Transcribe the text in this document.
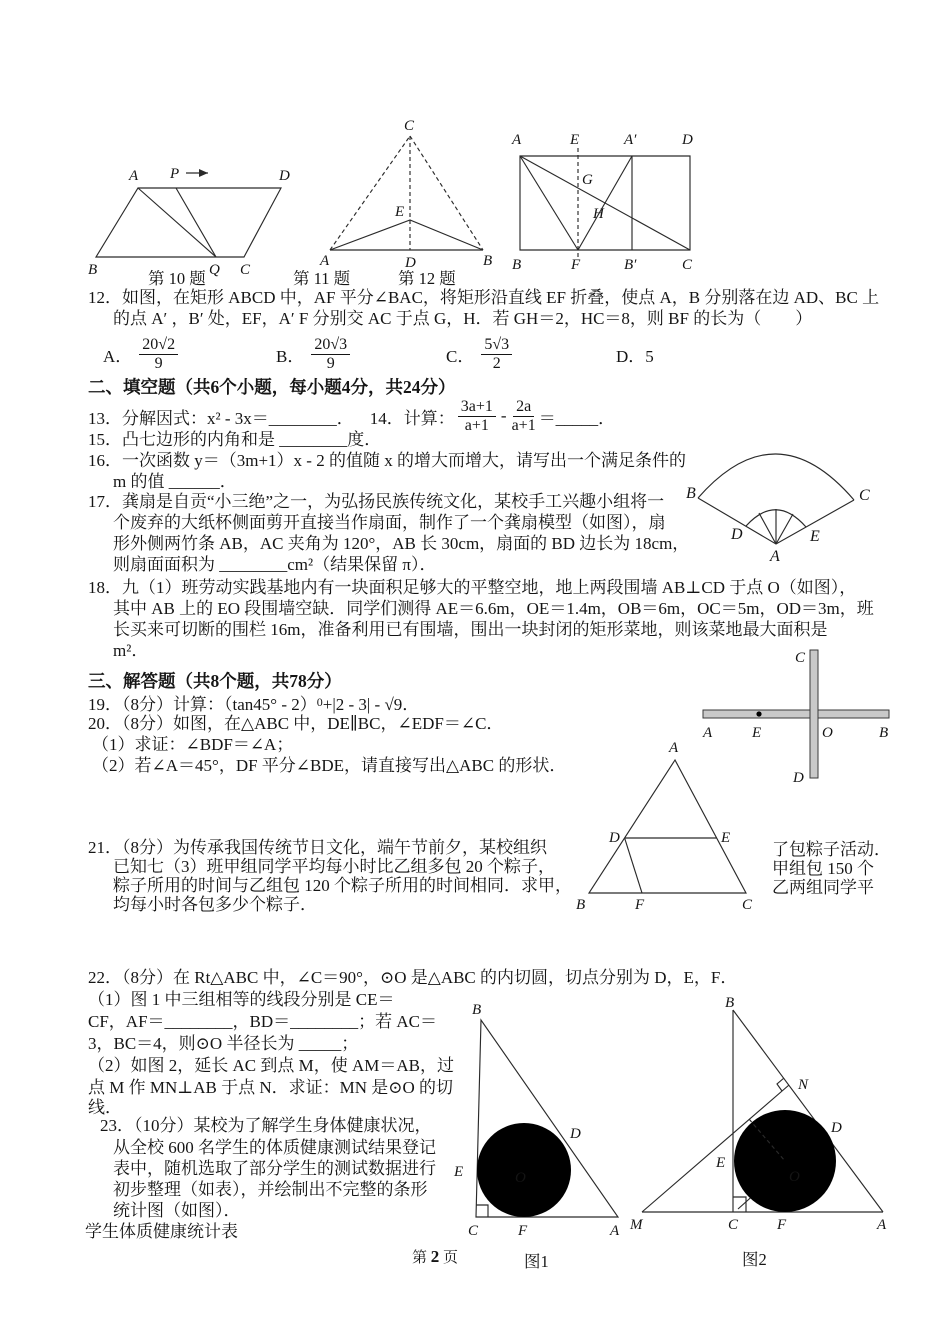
A P	D
B	Q C
第 10 题
C
E
A	D	B
第 11 题
A	E	A′	D
G
H
B	F	B′	C
第 12 题
12．如图，在矩形 ABCD 中，AF 平分∠BAC，将矩形沿直线 EF 折叠，使点 A，B 分别落在边 AD、BC 上
的点 A′ ，B′ 处，EF，A′ F 分别交 AC 于点 G，H．若 GH＝2，HC＝8，则 BF 的长为（　　）
A． $\frac{20√2}{9}$	B． $\frac{20√3}{9}$	C． $\frac{5√3}{2}$	D．5
二、填空题（共6个小题，每小题4分，共24分）
13．分解因式：x² - 3x＝________． 14．计算： $\frac{3a+1}{a+1} - \frac{2a}{a+1}$ ＝_____．
15．凸七边形的内角和是 ________度．
16．一次函数 y＝（3m+1）x - 2 的值随 x 的增大而增大，请写出一个满足条件的
m 的值 ______．
17．龚扇是自贡“小三绝”之一，为弘扬民族传统文化，某校手工兴趣小组将一
个废弃的大纸杯侧面剪开直接当作扇面，制作了一个龚扇模型（如图），扇
形外侧两竹条 AB，AC 夹角为 120°，AB 长 30cm，扇面的 BD 边长为 18cm，
则扇面面积为 ________cm²（结果保留 π）．
B	C
D	E
A
18．九（1）班劳动实践基地内有一块面积足够大的平整空地，地上两段围墙 AB⊥CD 于点 O（如图），
其中 AB 上的 EO 段围墙空缺．同学们测得 AE＝6.6m，OE＝1.4m，OB＝6m，OC＝5m，OD＝3m，班
长买来可切断的围栏 16m，准备利用已有围墙，围出一块封闭的矩形菜地，则该菜地最大面积是
m²．	C
A	E	O	B
D
三、解答题（共8个题，共78分）
19．（8分）计算：（tan45° - 2） 0 +|2 - 3| - √9．
20．（8分）如图，在△ABC 中，DE∥BC，∠EDF＝∠C．
（1）求证：∠BDF＝∠A；
（2）若∠A＝45°，DF 平分∠BDE，请直接写出△ABC 的形状．
A
B	C
D	E
F
21．（8分）为传承我国传统节日文化，端午节前夕，某校组织
已知七（3）班甲组同学平均每小时比乙组多包 20 个粽子，
粽子所用的时间与乙组包 120 个粽子所用的时间相同．求甲，
均每小时各包多少个粽子．
了包粽子活动．
甲组包 150 个
乙两组同学平
22．（8分）在 Rt△ABC 中，∠C＝90°，⊙O 是△ABC 的内切圆，切点分别为 D，E，F．
（1）图 1 中三组相等的线段分别是 CE＝
CF，AF＝________，BD＝________；若 AC＝
3，BC＝4，则⊙O 半径长为 _____；
（2）如图 2，延长 AC 到点 M，使 AM＝AB，过
点 M 作 MN⊥AB 于点 N．求证：MN 是⊙O 的切
线．
23．（10分）某校为了解学生身体健康状况，
从全校 600 名学生的体质健康测试结果登记
表中，随机选取了部分学生的测试数据进行
初步整理（如表），并绘制出不完整的条形
统计图（如图）．
学生体质健康统计表
B
E	O
D
C	F	A
图1
B
N
D
E
O
C	F	A
M
图2
第 2 页
